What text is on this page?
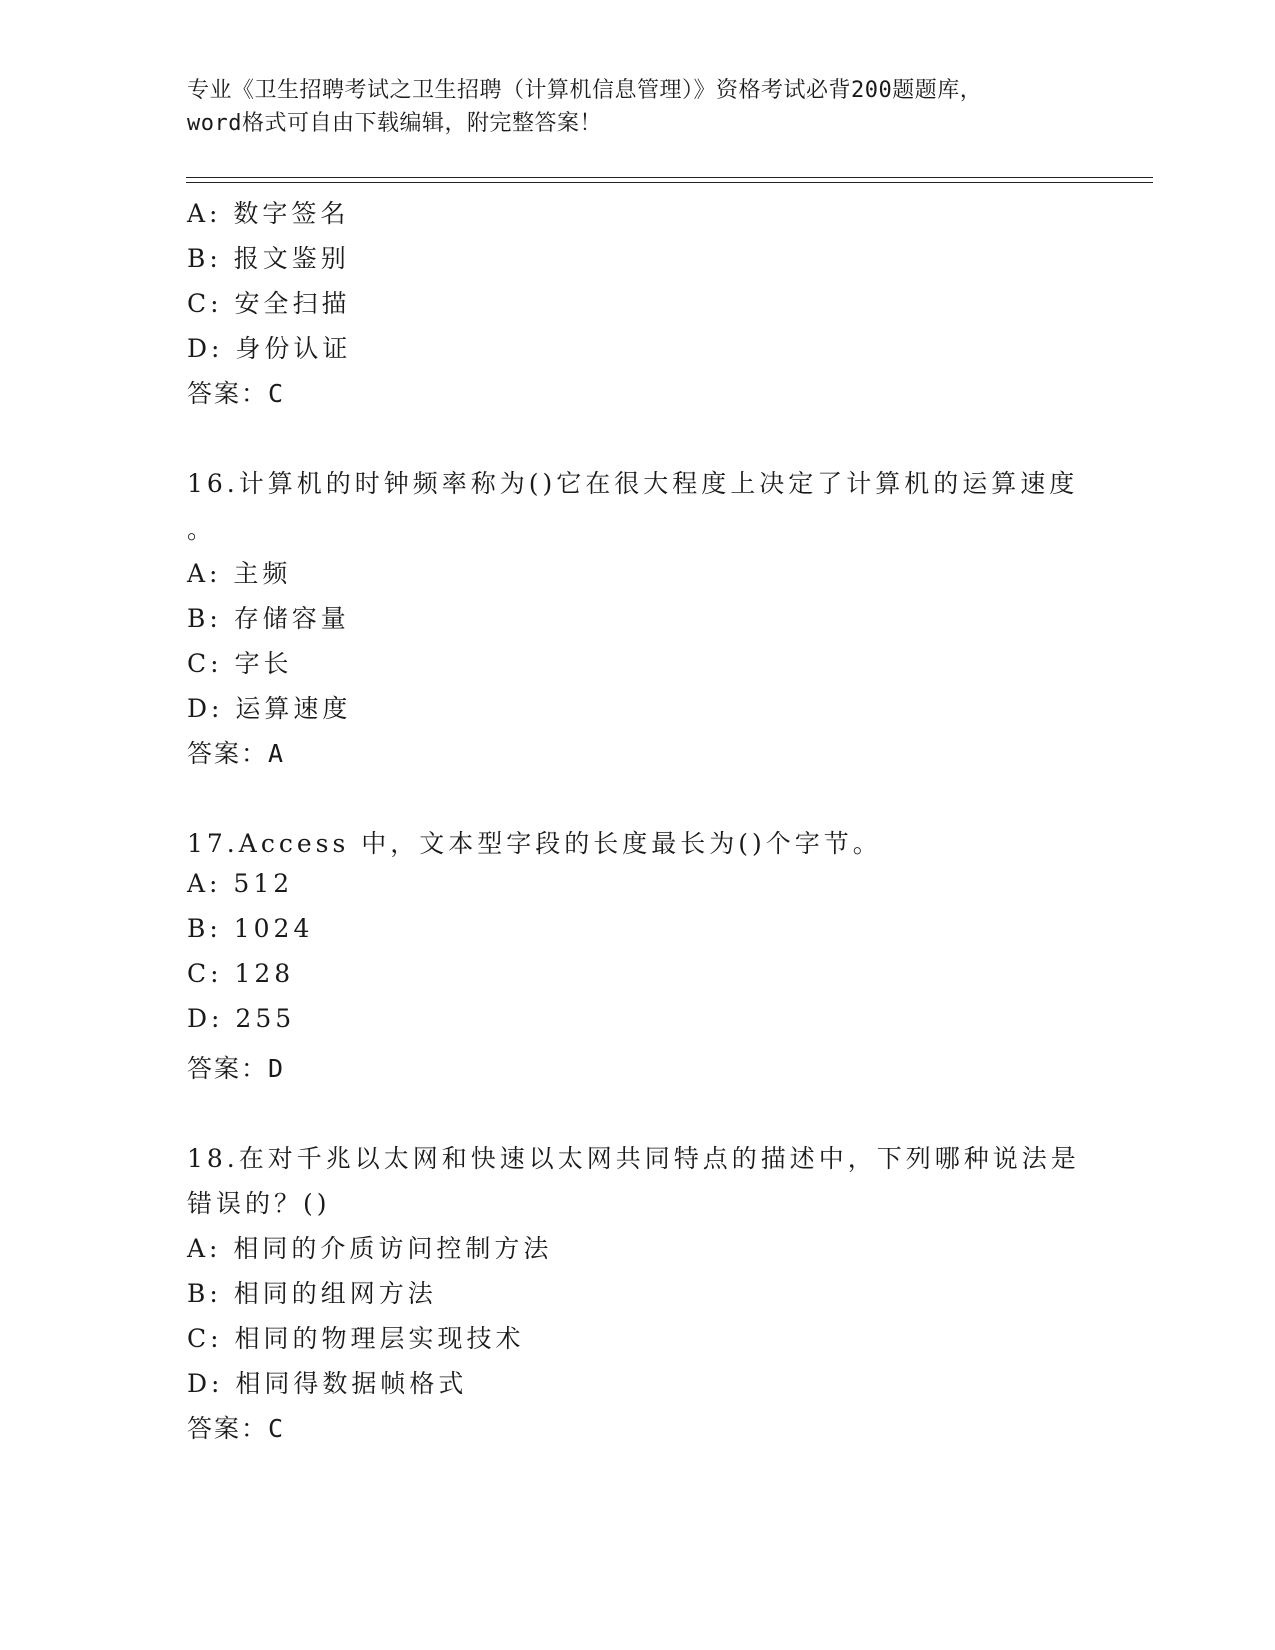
专业《卫生招聘考试之卫生招聘（计算机信息管理）》资格考试必背200题题库，
word格式可自由下载编辑，附完整答案！
A: 数字签名
B: 报文鉴别
C: 安全扫描
D: 身份认证
答案：C
16.计算机的时钟频率称为()它在很大程度上决定了计算机的运算速度
。
A: 主频
B: 存储容量
C: 字长
D: 运算速度
答案：A
17.Access 中，文本型字段的长度最长为()个字节。
A: 512
B: 1024
C: 128
D: 255
答案：D
18.在对千兆以太网和快速以太网共同特点的描述中，下列哪种说法是
错误的？()
A: 相同的介质访问控制方法
B: 相同的组网方法
C: 相同的物理层实现技术
D: 相同得数据帧格式
答案：C
